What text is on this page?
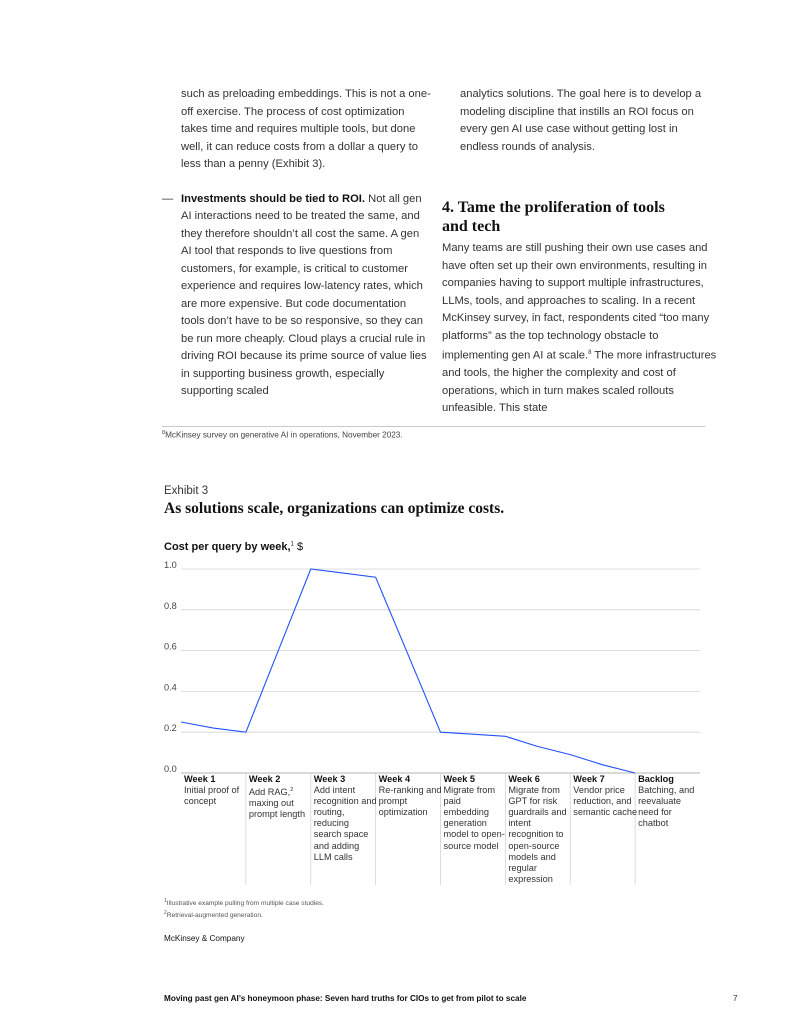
such as preloading embeddings. This is not a one-off exercise. The process of cost optimization takes time and requires multiple tools, but done well, it can reduce costs from a dollar a query to less than a penny (Exhibit 3).

— Investments should be tied to ROI. Not all gen AI interactions need to be treated the same, and they therefore shouldn’t all cost the same. A gen AI tool that responds to live questions from customers, for example, is critical to customer experience and requires low-latency rates, which are more expensive. But code documentation tools don’t have to be so responsive, so they can be run more cheaply. Cloud plays a crucial rule in driving ROI because its prime source of value lies in supporting business growth, especially supporting scaled

analytics solutions. The goal here is to develop a modeling discipline that instills an ROI focus on every gen AI use case without getting lost in endless rounds of analysis.

4. Tame the proliferation of tools and tech

Many teams are still pushing their own use cases and have often set up their own environments, resulting in companies having to support multiple infrastructures, LLMs, tools, and approaches to scaling. In a recent McKinsey survey, in fact, respondents cited “too many platforms” as the top technology obstacle to implementing gen AI at scale.$^8$ The more infrastructures and tools, the higher the complexity and cost of operations, which in turn makes scaled rollouts unfeasible. This state

$^8$McKinsey survey on generative AI in operations, November 2023.
Exhibit 3
As solutions scale, organizations can optimize costs.
Cost per query by week,$^1$ $
1.0
0.8
0.6
0.4
0.2
0.0
Week 1
Initial proof of concept
Week 2
Add RAG,$^2$ maxing out prompt length
Week 3
Add intent recognition and routing, reducing search space and adding LLM calls
Week 4
Re-ranking and prompt optimization
Week 5
Migrate from paid embedding generation model to open-source model
Week 6
Migrate from GPT for risk guardrails and intent recognition to open-source models and regular expression
Week 7
Vendor price reduction, and semantic cache
Backlog
Batching, and reevaluate need for chatbot
$^1$Illustrative example pulling from multiple case studies.
$^2$Retrieval-augmented generation.
McKinsey & Company
Moving past gen AI’s honeymoon phase: Seven hard truths for CIOs to get from pilot to scale	7
